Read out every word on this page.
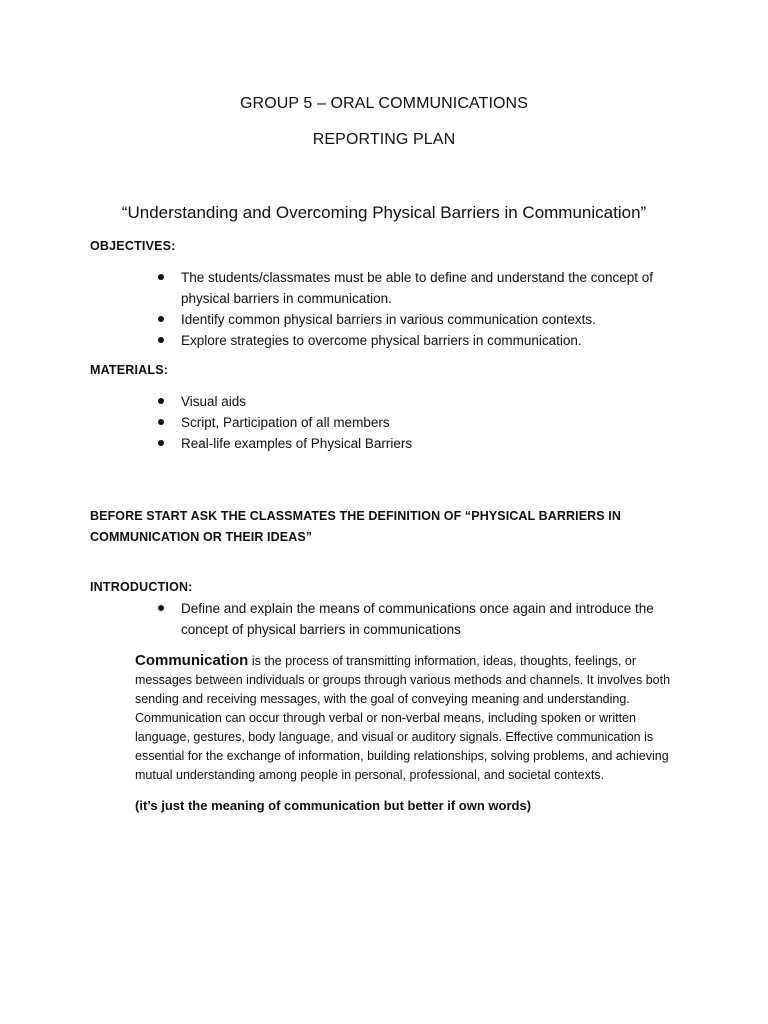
GROUP 5 – ORAL COMMUNICATIONS
REPORTING PLAN
“Understanding and Overcoming Physical Barriers in Communication”
OBJECTIVES:
The students/classmates must be able to define and understand the concept of physical barriers in communication.
Identify common physical barriers in various communication contexts.
Explore strategies to overcome physical barriers in communication.
MATERIALS:
Visual aids
Script, Participation of all members
Real-life examples of Physical Barriers
BEFORE START ASK THE CLASSMATES THE DEFINITION OF “PHYSICAL BARRIERS IN COMMUNICATION OR THEIR IDEAS”
INTRODUCTION:
Define and explain the means of communications once again and introduce the concept of physical barriers in communications
Communication is the process of transmitting information, ideas, thoughts, feelings, or messages between individuals or groups through various methods and channels. It involves both sending and receiving messages, with the goal of conveying meaning and understanding. Communication can occur through verbal or non-verbal means, including spoken or written language, gestures, body language, and visual or auditory signals. Effective communication is essential for the exchange of information, building relationships, solving problems, and achieving mutual understanding among people in personal, professional, and societal contexts.
(it’s just the meaning of communication but better if own words)
